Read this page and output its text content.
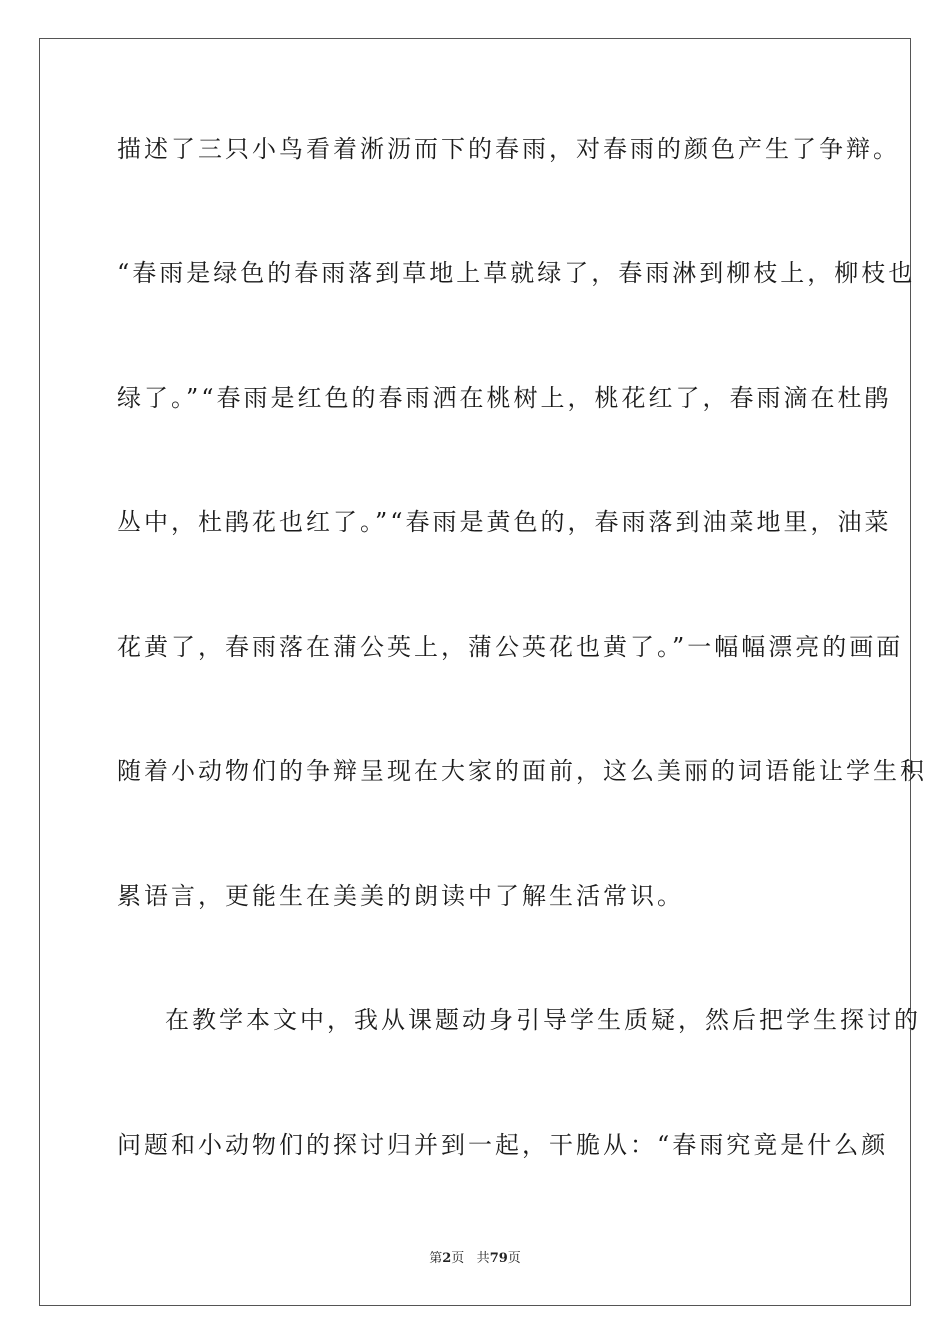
描述了三只小鸟看着淅沥而下的春雨，对春雨的颜色产生了争辩。
“春雨是绿色的春雨落到草地上草就绿了，春雨淋到柳枝上，柳枝也
绿了。”“春雨是红色的春雨洒在桃树上，桃花红了，春雨滴在杜鹃
丛中，杜鹃花也红了。”“春雨是黄色的，春雨落到油菜地里，油菜
花黄了，春雨落在蒲公英上，蒲公英花也黄了。”一幅幅漂亮的画面
随着小动物们的争辩呈现在大家的面前，这么美丽的词语能让学生积
累语言，更能生在美美的朗读中了解生活常识。
在教学本文中，我从课题动身引导学生质疑，然后把学生探讨的
问题和小动物们的探讨归并到一起，干脆从：“春雨究竟是什么颜
第2页 共79页
